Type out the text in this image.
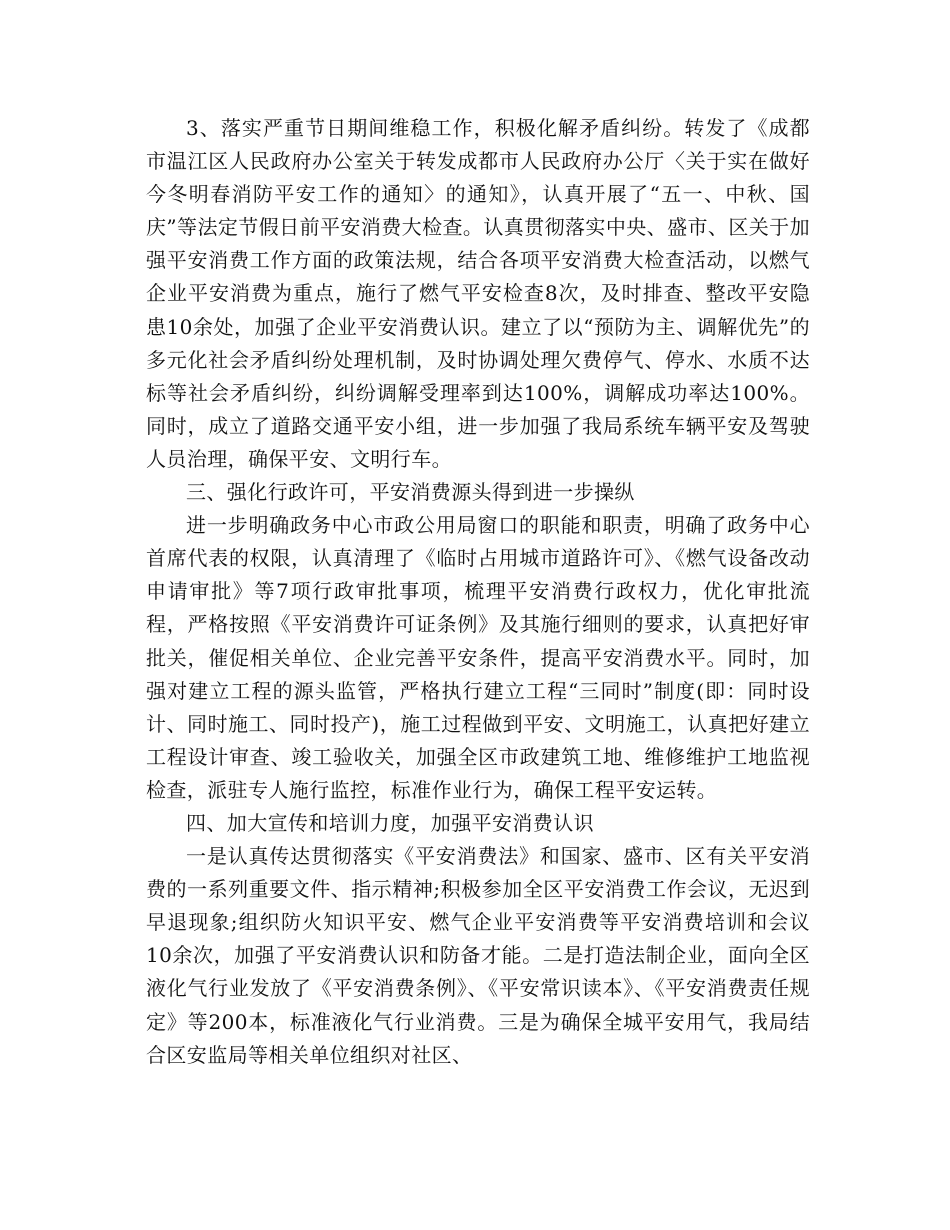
3、落实严重节日期间维稳工作，积极化解矛盾纠纷。转发了《成都市温江区人民政府办公室关于转发成都市人民政府办公厅〈关于实在做好今冬明春消防平安工作的通知〉的通知》，认真开展了“五一、中秋、国庆”等法定节假日前平安消费大检查。认真贯彻落实中央、盛市、区关于加强平安消费工作方面的政策法规，结合各项平安消费大检查活动，以燃气企业平安消费为重点，施行了燃气平安检查8次，及时排查、整改平安隐患10余处，加强了企业平安消费认识。建立了以“预防为主、调解优先”的多元化社会矛盾纠纷处理机制，及时协调处理欠费停气、停水、水质不达标等社会矛盾纠纷，纠纷调解受理率到达100%，调解成功率达100%。同时，成立了道路交通平安小组，进一步加强了我局系统车辆平安及驾驶人员治理，确保平安、文明行车。

三、强化行政许可，平安消费源头得到进一步操纵

进一步明确政务中心市政公用局窗口的职能和职责，明确了政务中心首席代表的权限，认真清理了《临时占用城市道路许可》、《燃气设备改动申请审批》等7项行政审批事项，梳理平安消费行政权力，优化审批流程，严格按照《平安消费许可证条例》及其施行细则的要求，认真把好审批关，催促相关单位、企业完善平安条件，提高平安消费水平。同时，加强对建立工程的源头监管，严格执行建立工程“三同时”制度(即：同时设计、同时施工、同时投产)，施工过程做到平安、文明施工，认真把好建立工程设计审查、竣工验收关，加强全区市政建筑工地、维修维护工地监视检查，派驻专人施行监控，标准作业行为，确保工程平安运转。

四、加大宣传和培训力度，加强平安消费认识

一是认真传达贯彻落实《平安消费法》和国家、盛市、区有关平安消费的一系列重要文件、指示精神;积极参加全区平安消费工作会议，无迟到早退现象;组织防火知识平安、燃气企业平安消费等平安消费培训和会议10余次，加强了平安消费认识和防备才能。二是打造法制企业，面向全区液化气行业发放了《平安消费条例》、《平安常识读本》、《平安消费责任规定》等200本，标准液化气行业消费。三是为确保全城平安用气，我局结合区安监局等相关单位组织对社区、
